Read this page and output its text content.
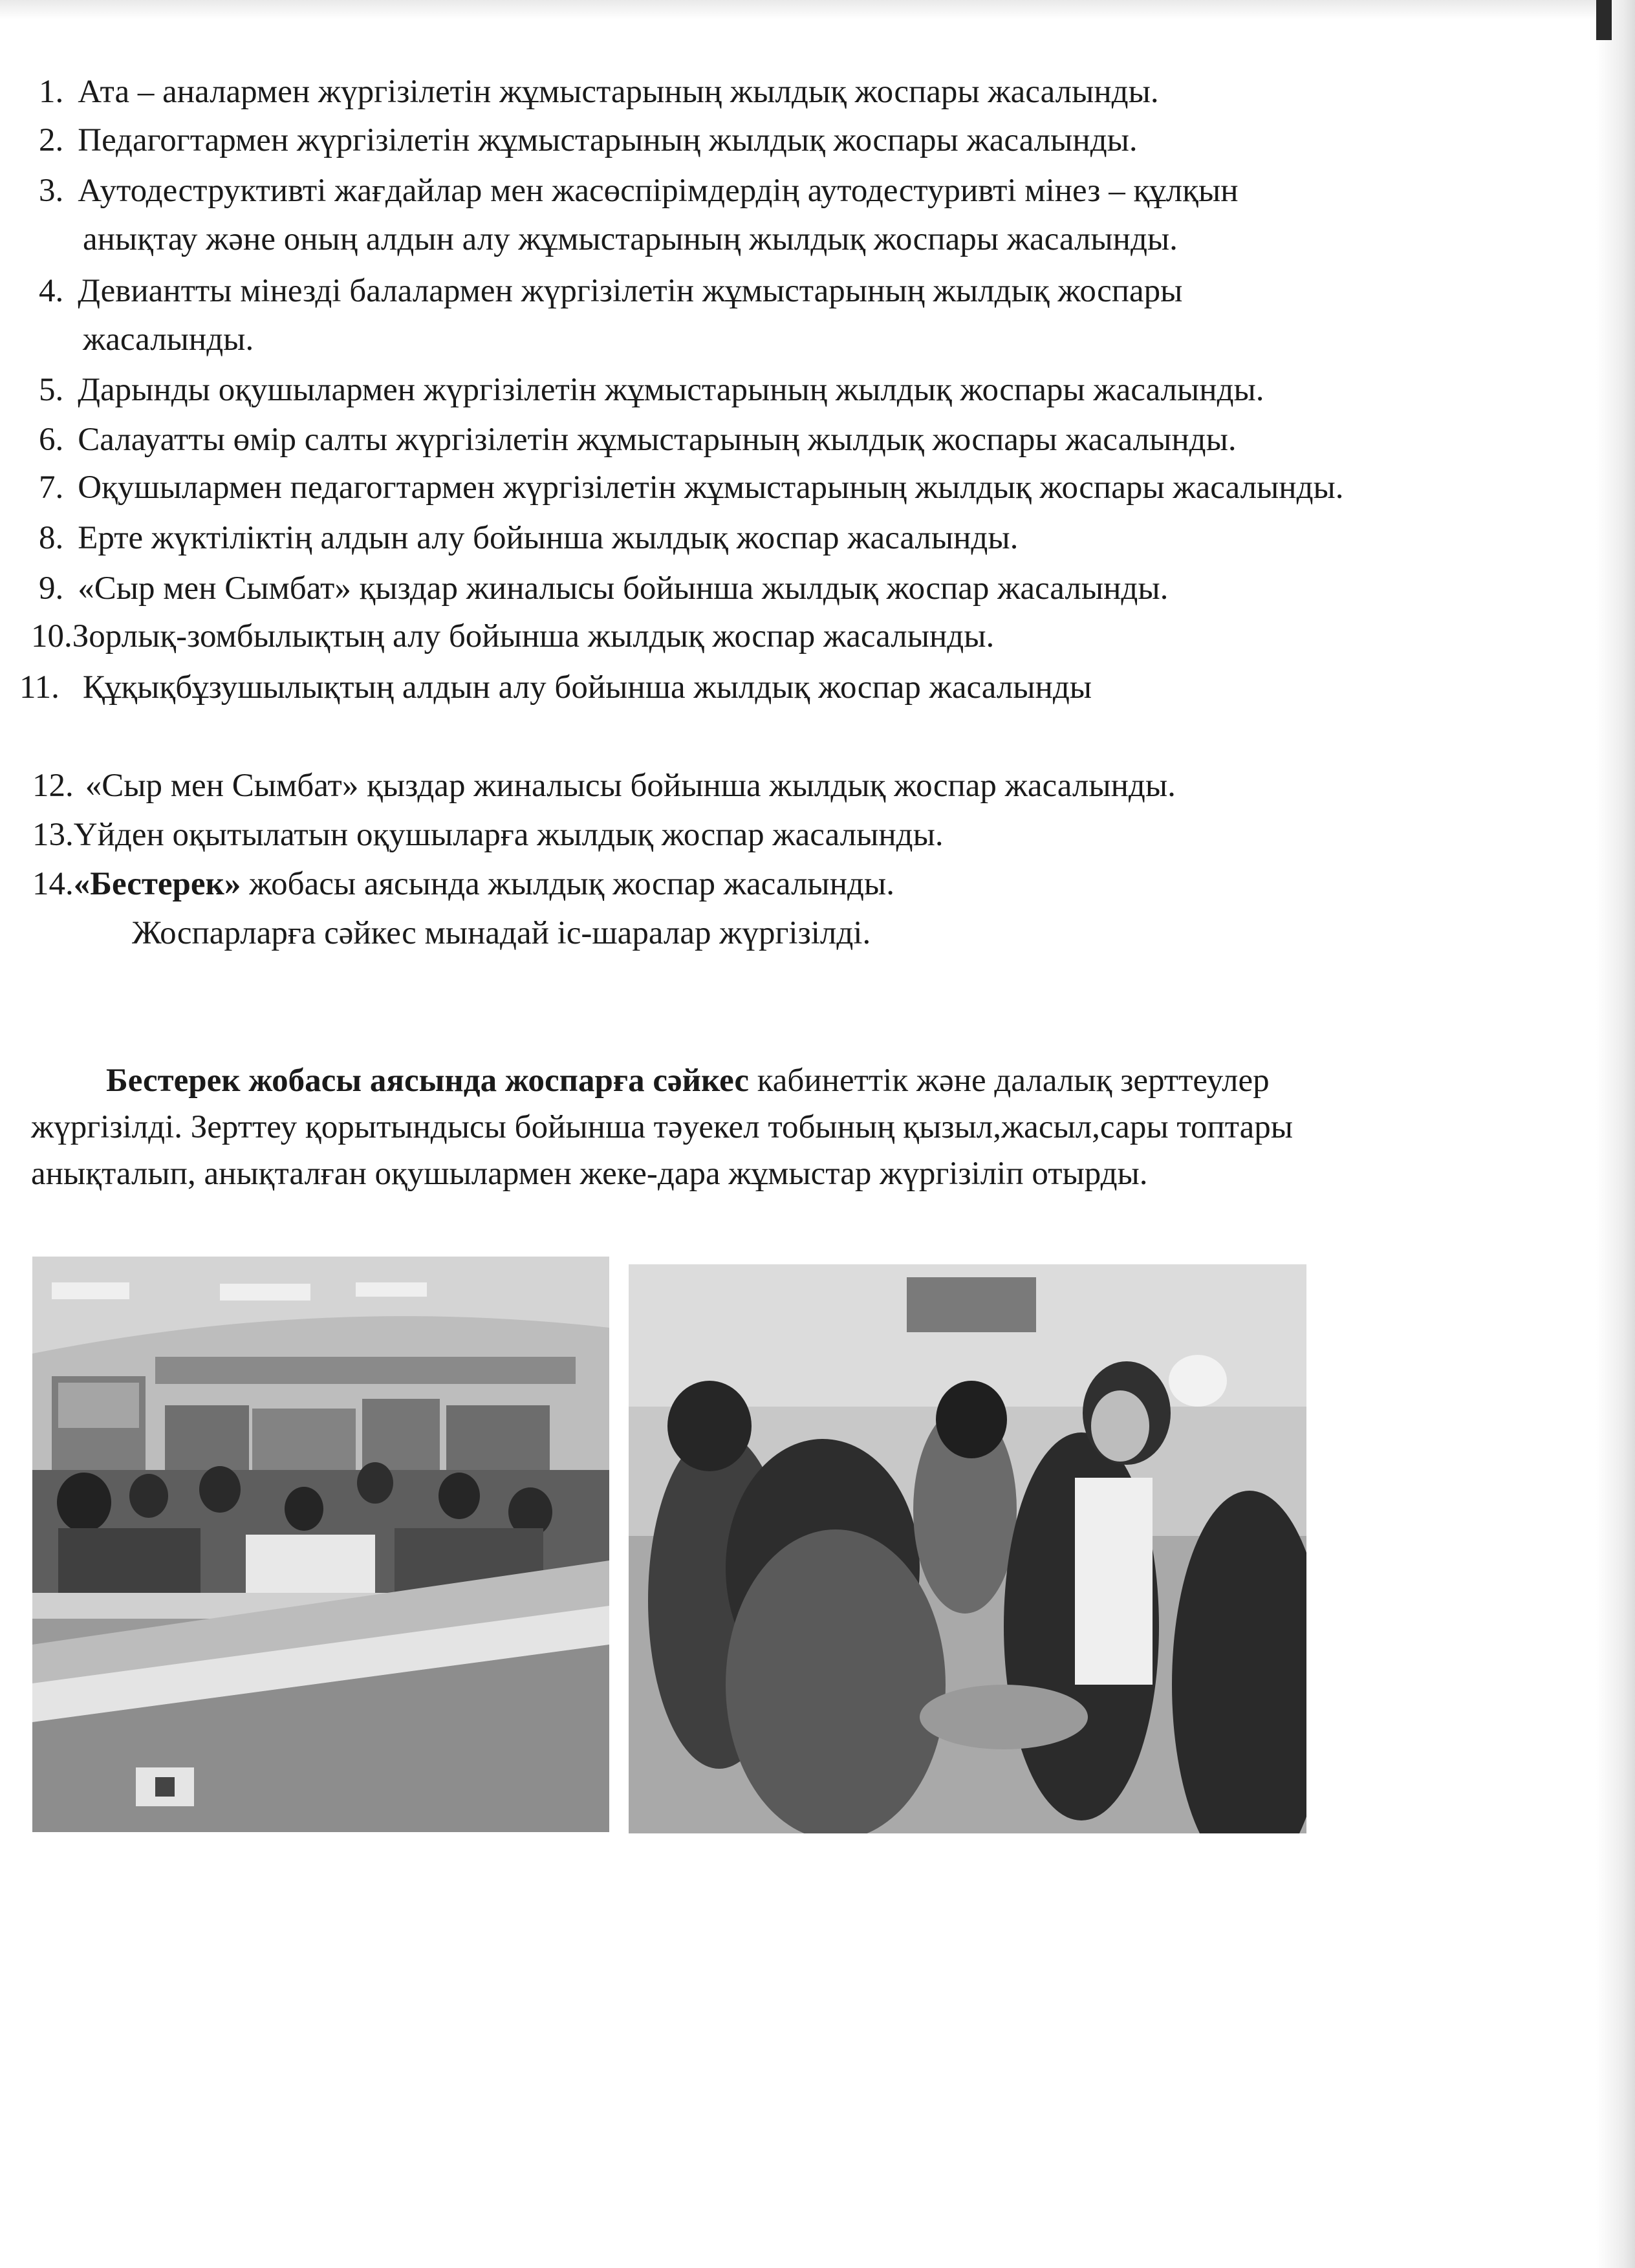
1. Ата – аналармен жүргізілетін жұмыстарының жылдық жоспары жасалынды.
2. Педагогтармен жүргізілетін жұмыстарының жылдық жоспары жасалынды.
3. Аутодеструктивті жағдайлар мен жасөспірімдердің аутодестуривті мінез – құлқын
анықтау және оның алдын алу жұмыстарының жылдық жоспары жасалынды.
4. Девиантты мінезді балалармен жүргізілетін жұмыстарының жылдық жоспары
жасалынды.
5. Дарынды оқушылармен жүргізілетін жұмыстарының жылдық жоспары жасалынды.
6. Салауатты өмір салты жүргізілетін жұмыстарының жылдық жоспары жасалынды.
7. Оқушылармен педагогтармен жүргізілетін жұмыстарының жылдық жоспары жасалынды.
8. Ерте жүктіліктің алдын алу бойынша жылдық жоспар жасалынды.
9. «Сыр мен Сымбат» қыздар жиналысы бойынша жылдық жоспар жасалынды.
10.Зорлық-зомбылықтың алу бойынша жылдық жоспар жасалынды.
11. Құқықбұзушылықтың алдын алу бойынша жылдық жоспар жасалынды
12. «Сыр мен Сымбат» қыздар жиналысы бойынша жылдық жоспар жасалынды.
13.Үйден оқытылатын оқушыларға жылдық жоспар жасалынды.
14.«Бестерек» жобасы аясында жылдық жоспар жасалынды.
Жоспарларға сәйкес мынадай іс-шаралар жүргізілді.
Бестерек жобасы аясында жоспарға сәйкес кабинеттік және далалық зерттеулер
жүргізілді. Зерттеу қорытындысы бойынша тәуекел тобының қызыл,жасыл,сары топтары
анықталып, анықталған оқушылармен жеке-дара жұмыстар жүргізіліп отырды.
